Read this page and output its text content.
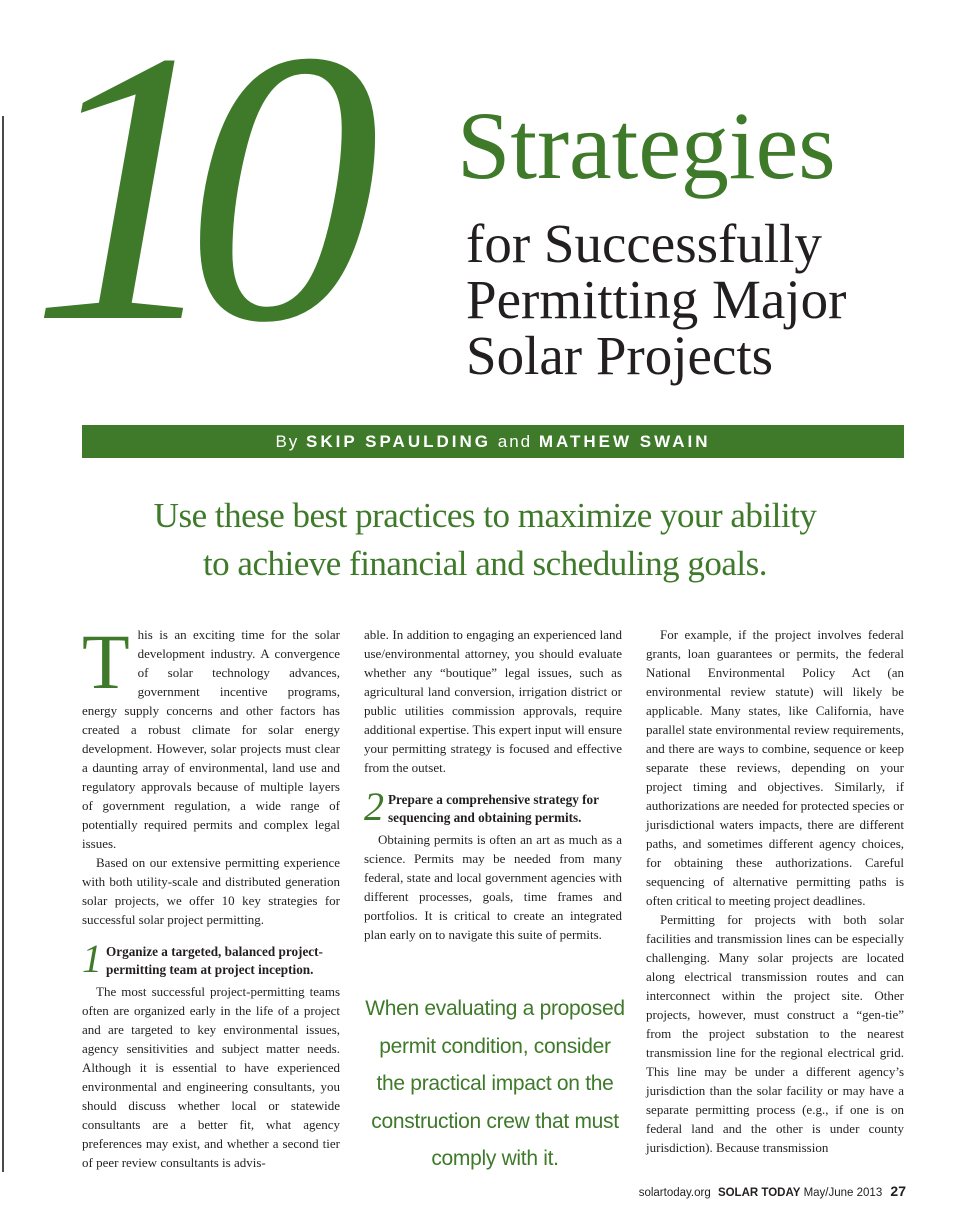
10 Strategies
for Successfully
Permitting Major
Solar Projects
By SKIP SPAULDING and MATHEW SWAIN
Use these best practices to maximize your ability
to achieve financial and scheduling goals.
T his is an exciting time for the solar development industry. A convergence of solar technology advances, government incentive programs, energy supply concerns and other factors has created a robust climate for solar energy development. However, solar projects must clear a daunting array of environmental, land use and regulatory approvals because of multiple layers of government regulation, a wide range of potentially required permits and complex legal issues.

Based on our extensive permitting experience with both utility-scale and distributed generation solar projects, we offer 10 key strategies for successful solar project permitting.

1 Organize a targeted, balanced project-permitting team at project inception.

The most successful project-permitting teams often are organized early in the life of a project and are targeted to key environmental issues, agency sensitivities and subject matter needs. Although it is essential to have experienced environmental and engineering consultants, you should discuss whether local or statewide consultants are a better fit, what agency preferences may exist, and whether a second tier of peer review consultants is advis-

able. In addition to engaging an experienced land use/environmental attorney, you should evaluate whether any “boutique” legal issues, such as agricultural land conversion, irrigation district or public utilities commission approvals, require additional expertise. This expert input will ensure your permitting strategy is focused and effective from the outset.

2 Prepare a comprehensive strategy for sequencing and obtaining permits.

Obtaining permits is often an art as much as a science. Permits may be needed from many federal, state and local government agencies with different processes, goals, time frames and portfolios. It is critical to create an integrated plan early on to navigate this suite of permits.

When evaluating a proposed permit condition, consider the practical impact on the construction crew that must comply with it.

For example, if the project involves federal grants, loan guarantees or permits, the federal National Environmental Policy Act (an environmental review statute) will likely be applicable. Many states, like California, have parallel state environmental review requirements, and there are ways to combine, sequence or keep separate these reviews, depending on your project timing and objectives. Similarly, if authorizations are needed for protected species or jurisdictional waters impacts, there are different paths, and sometimes different agency choices, for obtaining these authorizations. Careful sequencing of alternative permitting paths is often critical to meeting project deadlines.

Permitting for projects with both solar facilities and transmission lines can be especially challenging. Many solar projects are located along electrical transmission routes and can interconnect within the project site. Other projects, however, must construct a “gen-tie” from the project substation to the nearest transmission line for the regional electrical grid. This line may be under a different agency’s jurisdiction than the solar facility or may have a separate permitting process (e.g., if one is on federal land and the other is under county jurisdiction). Because transmission

solartoday.org SOLAR TODAY May/June 2013 27
